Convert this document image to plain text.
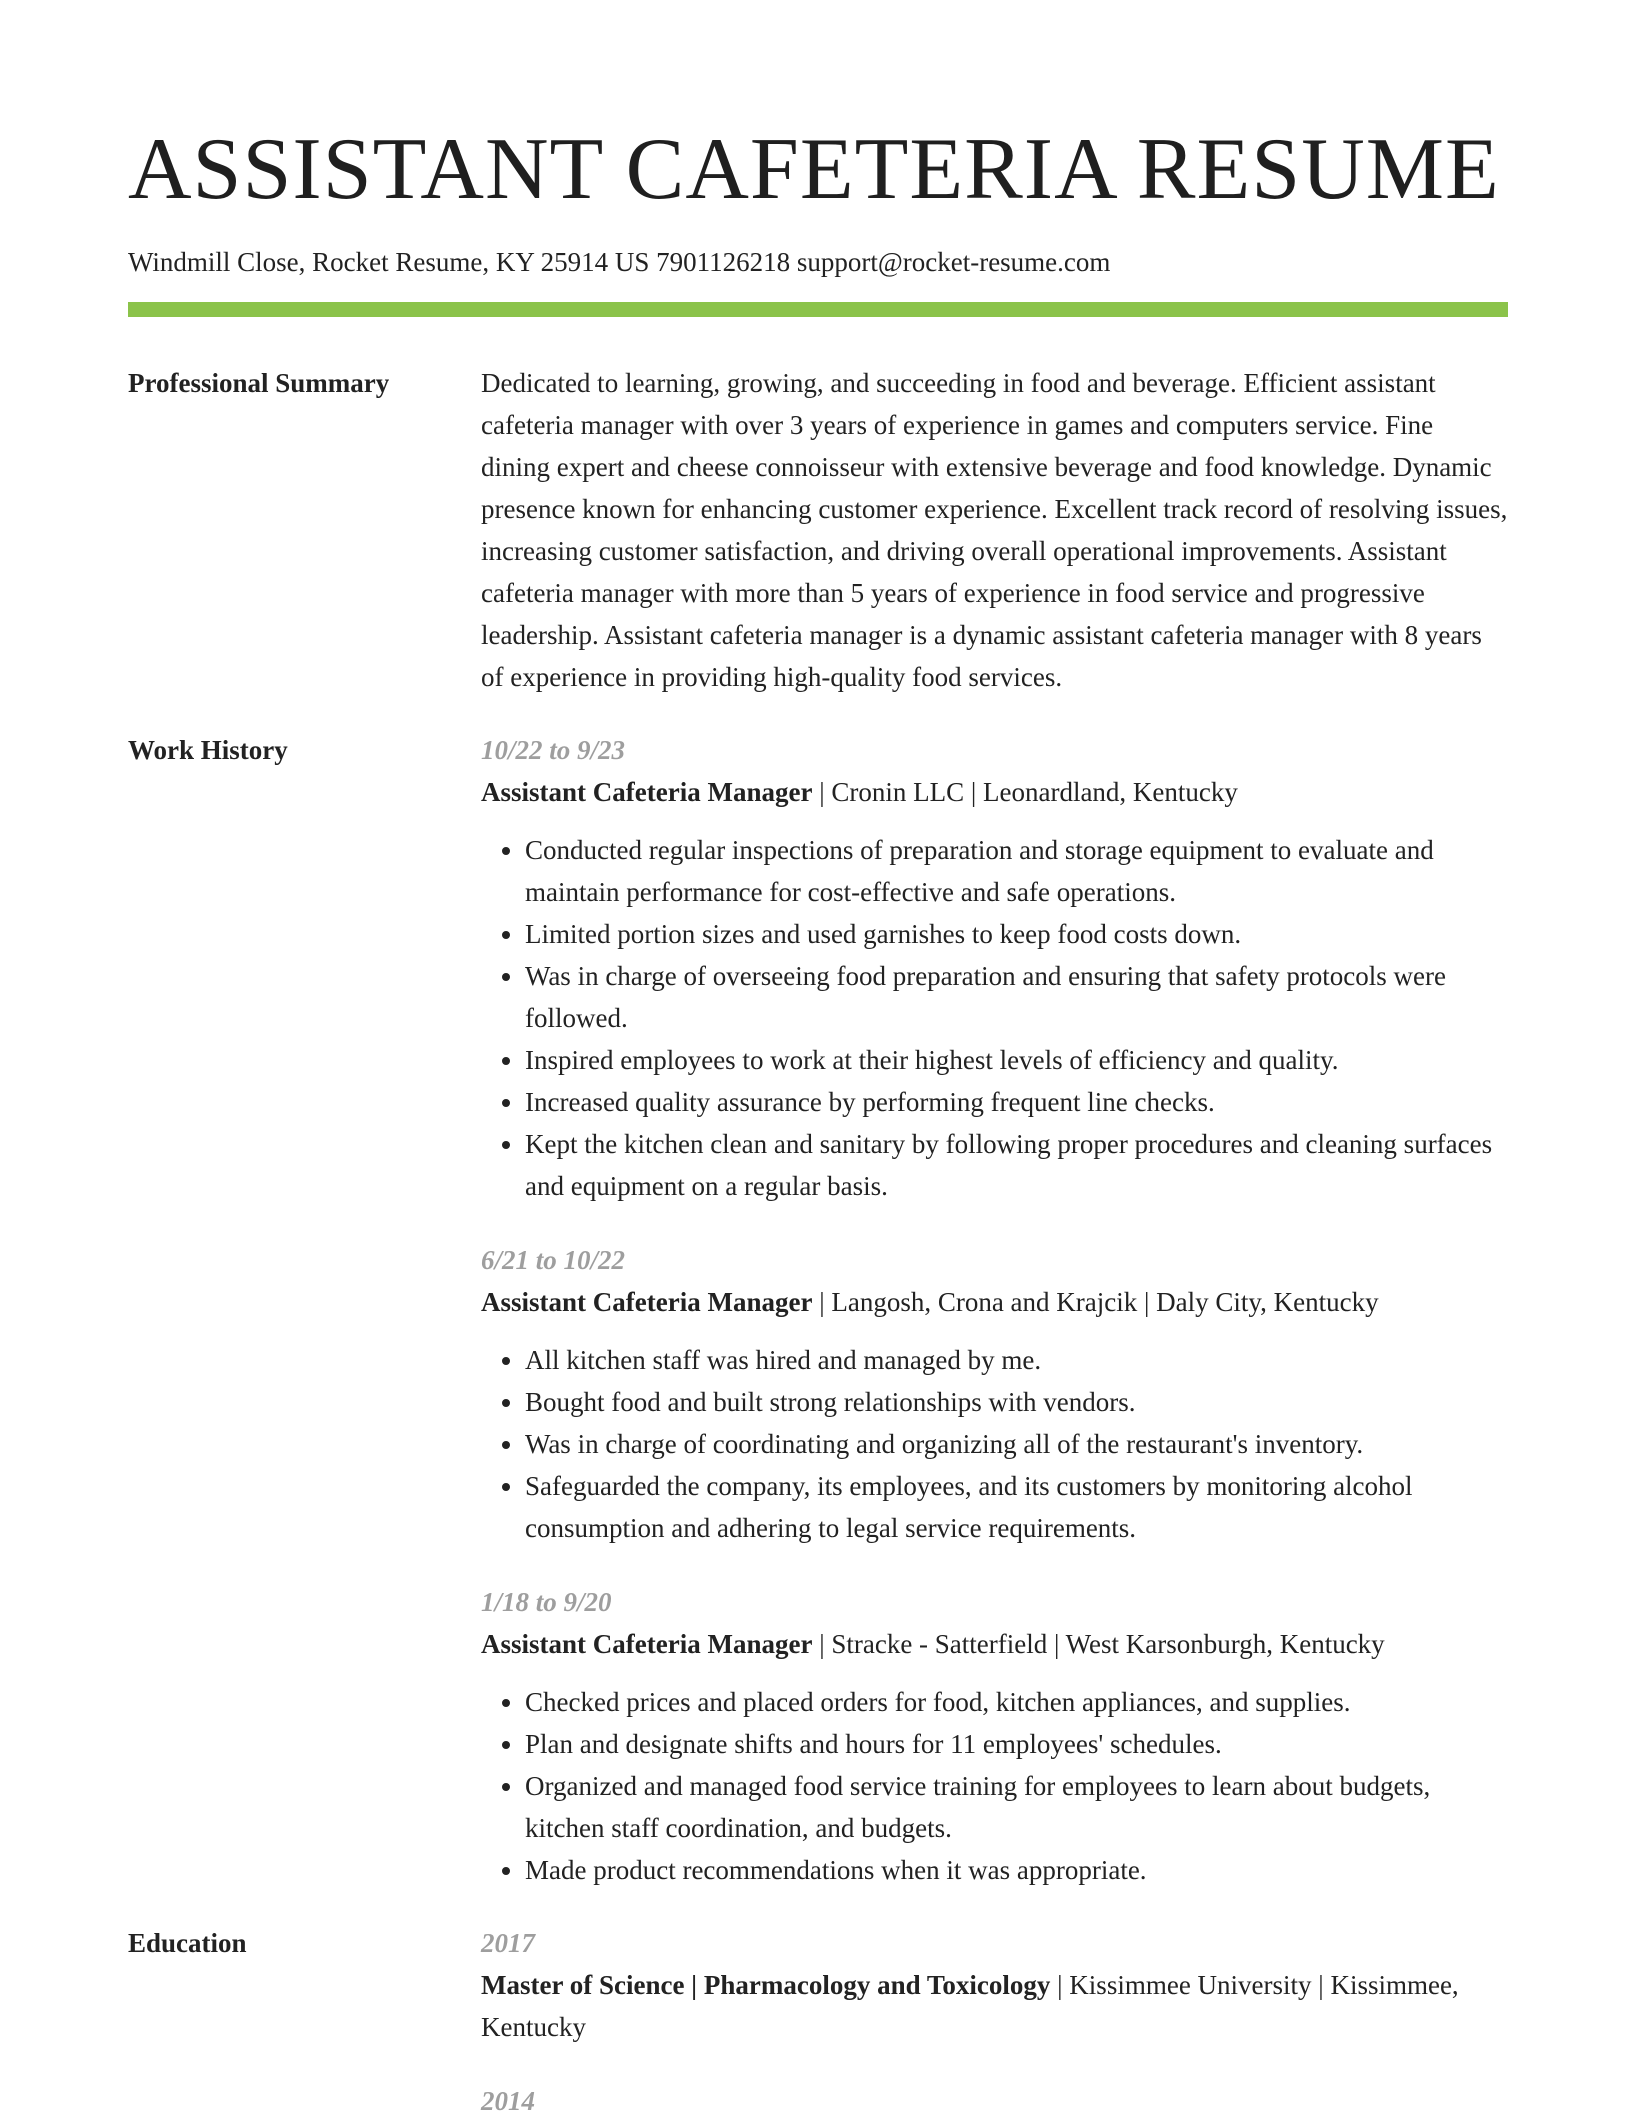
ASSISTANT CAFETERIA RESUME
Windmill Close, Rocket Resume, KY 25914 US 7901126218 support@rocket-resume.com
Professional Summary	Dedicated to learning, growing, and succeeding in food and beverage. Efficient assistant cafeteria manager with over 3 years of experience in games and computers service. Fine dining expert and cheese connoisseur with extensive beverage and food knowledge. Dynamic presence known for enhancing customer experience. Excellent track record of resolving issues, increasing customer satisfaction, and driving overall operational improvements. Assistant cafeteria manager with more than 5 years of experience in food service and progressive leadership. Assistant cafeteria manager is a dynamic assistant cafeteria manager with 8 years of experience in providing high-quality food services.
Work History	10/22 to 9/23
Assistant Cafeteria Manager | Cronin LLC | Leonardland, Kentucky
• Conducted regular inspections of preparation and storage equipment to evaluate and maintain performance for cost-effective and safe operations.
• Limited portion sizes and used garnishes to keep food costs down.
• Was in charge of overseeing food preparation and ensuring that safety protocols were followed.
• Inspired employees to work at their highest levels of efficiency and quality.
• Increased quality assurance by performing frequent line checks.
• Kept the kitchen clean and sanitary by following proper procedures and cleaning surfaces and equipment on a regular basis.
6/21 to 10/22
Assistant Cafeteria Manager | Langosh, Crona and Krajcik | Daly City, Kentucky
• All kitchen staff was hired and managed by me.
• Bought food and built strong relationships with vendors.
• Was in charge of coordinating and organizing all of the restaurant's inventory.
• Safeguarded the company, its employees, and its customers by monitoring alcohol consumption and adhering to legal service requirements.
1/18 to 9/20
Assistant Cafeteria Manager | Stracke - Satterfield | West Karsonburgh, Kentucky
• Checked prices and placed orders for food, kitchen appliances, and supplies.
• Plan and designate shifts and hours for 11 employees' schedules.
• Organized and managed food service training for employees to learn about budgets, kitchen staff coordination, and budgets.
• Made product recommendations when it was appropriate.
Education	2017
Master of Science | Pharmacology and Toxicology | Kissimmee University | Kissimmee, Kentucky
2014
